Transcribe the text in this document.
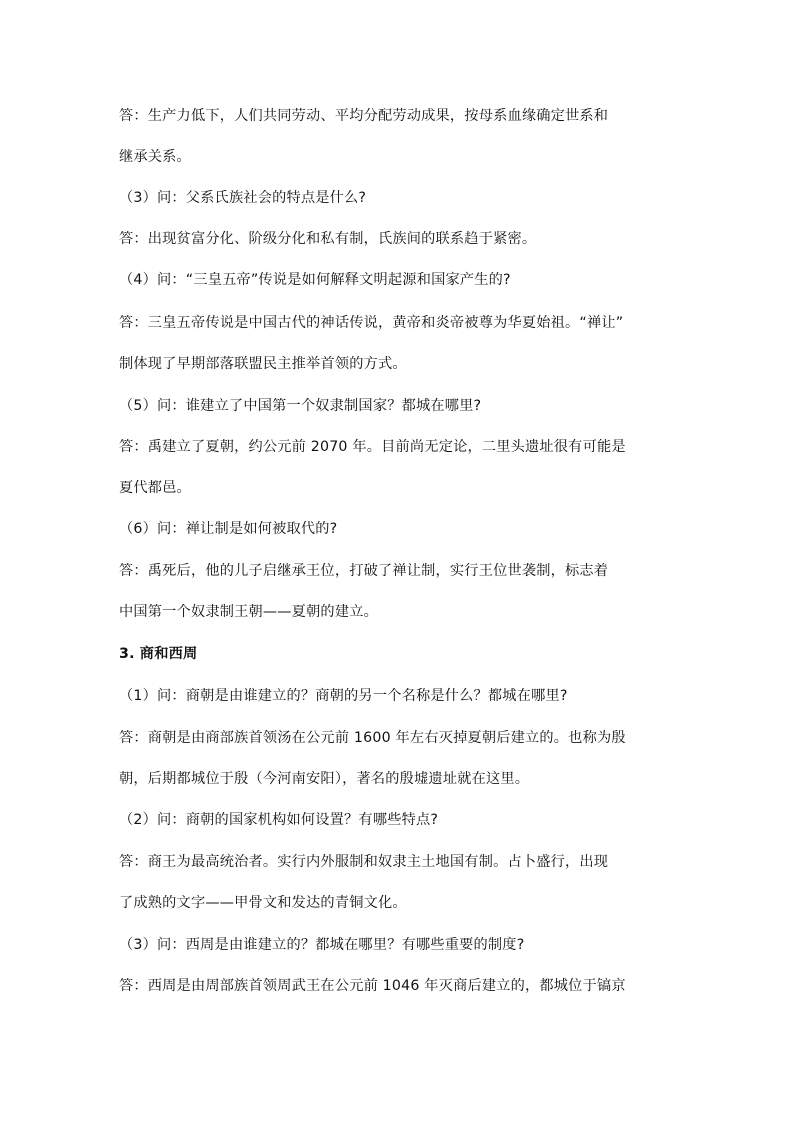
答：生产力低下，人们共同劳动、平均分配劳动成果，按母系血缘确定世系和
继承关系。
（3）问：父系氏族社会的特点是什么?
答：出现贫富分化、阶级分化和私有制，氏族间的联系趋于紧密。
（4）问：“三皇五帝”传说是如何解释文明起源和国家产生的?
答：三皇五帝传说是中国古代的神话传说，黄帝和炎帝被尊为华夏始祖。“禅让”
制体现了早期部落联盟民主推举首领的方式。
（5）问：谁建立了中国第一个奴隶制国家？都城在哪里?
答：禹建立了夏朝，约公元前 2070 年。目前尚无定论，二里头遗址很有可能是
夏代都邑。
（6）问：禅让制是如何被取代的?
答：禹死后，他的儿子启继承王位，打破了禅让制，实行王位世袭制，标志着
中国第一个奴隶制王朝——夏朝的建立。
3. 商和西周
（1）问：商朝是由谁建立的？商朝的另一个名称是什么？都城在哪里?
答：商朝是由商部族首领汤在公元前 1600 年左右灭掉夏朝后建立的。也称为殷
朝，后期都城位于殷（今河南安阳），著名的殷墟遗址就在这里。
（2）问：商朝的国家机构如何设置？有哪些特点?
答：商王为最高统治者。实行内外服制和奴隶主土地国有制。占卜盛行，出现
了成熟的文字——甲骨文和发达的青铜文化。
（3）问：西周是由谁建立的？都城在哪里？有哪些重要的制度?
答：西周是由周部族首领周武王在公元前 1046 年灭商后建立的，都城位于镐京
